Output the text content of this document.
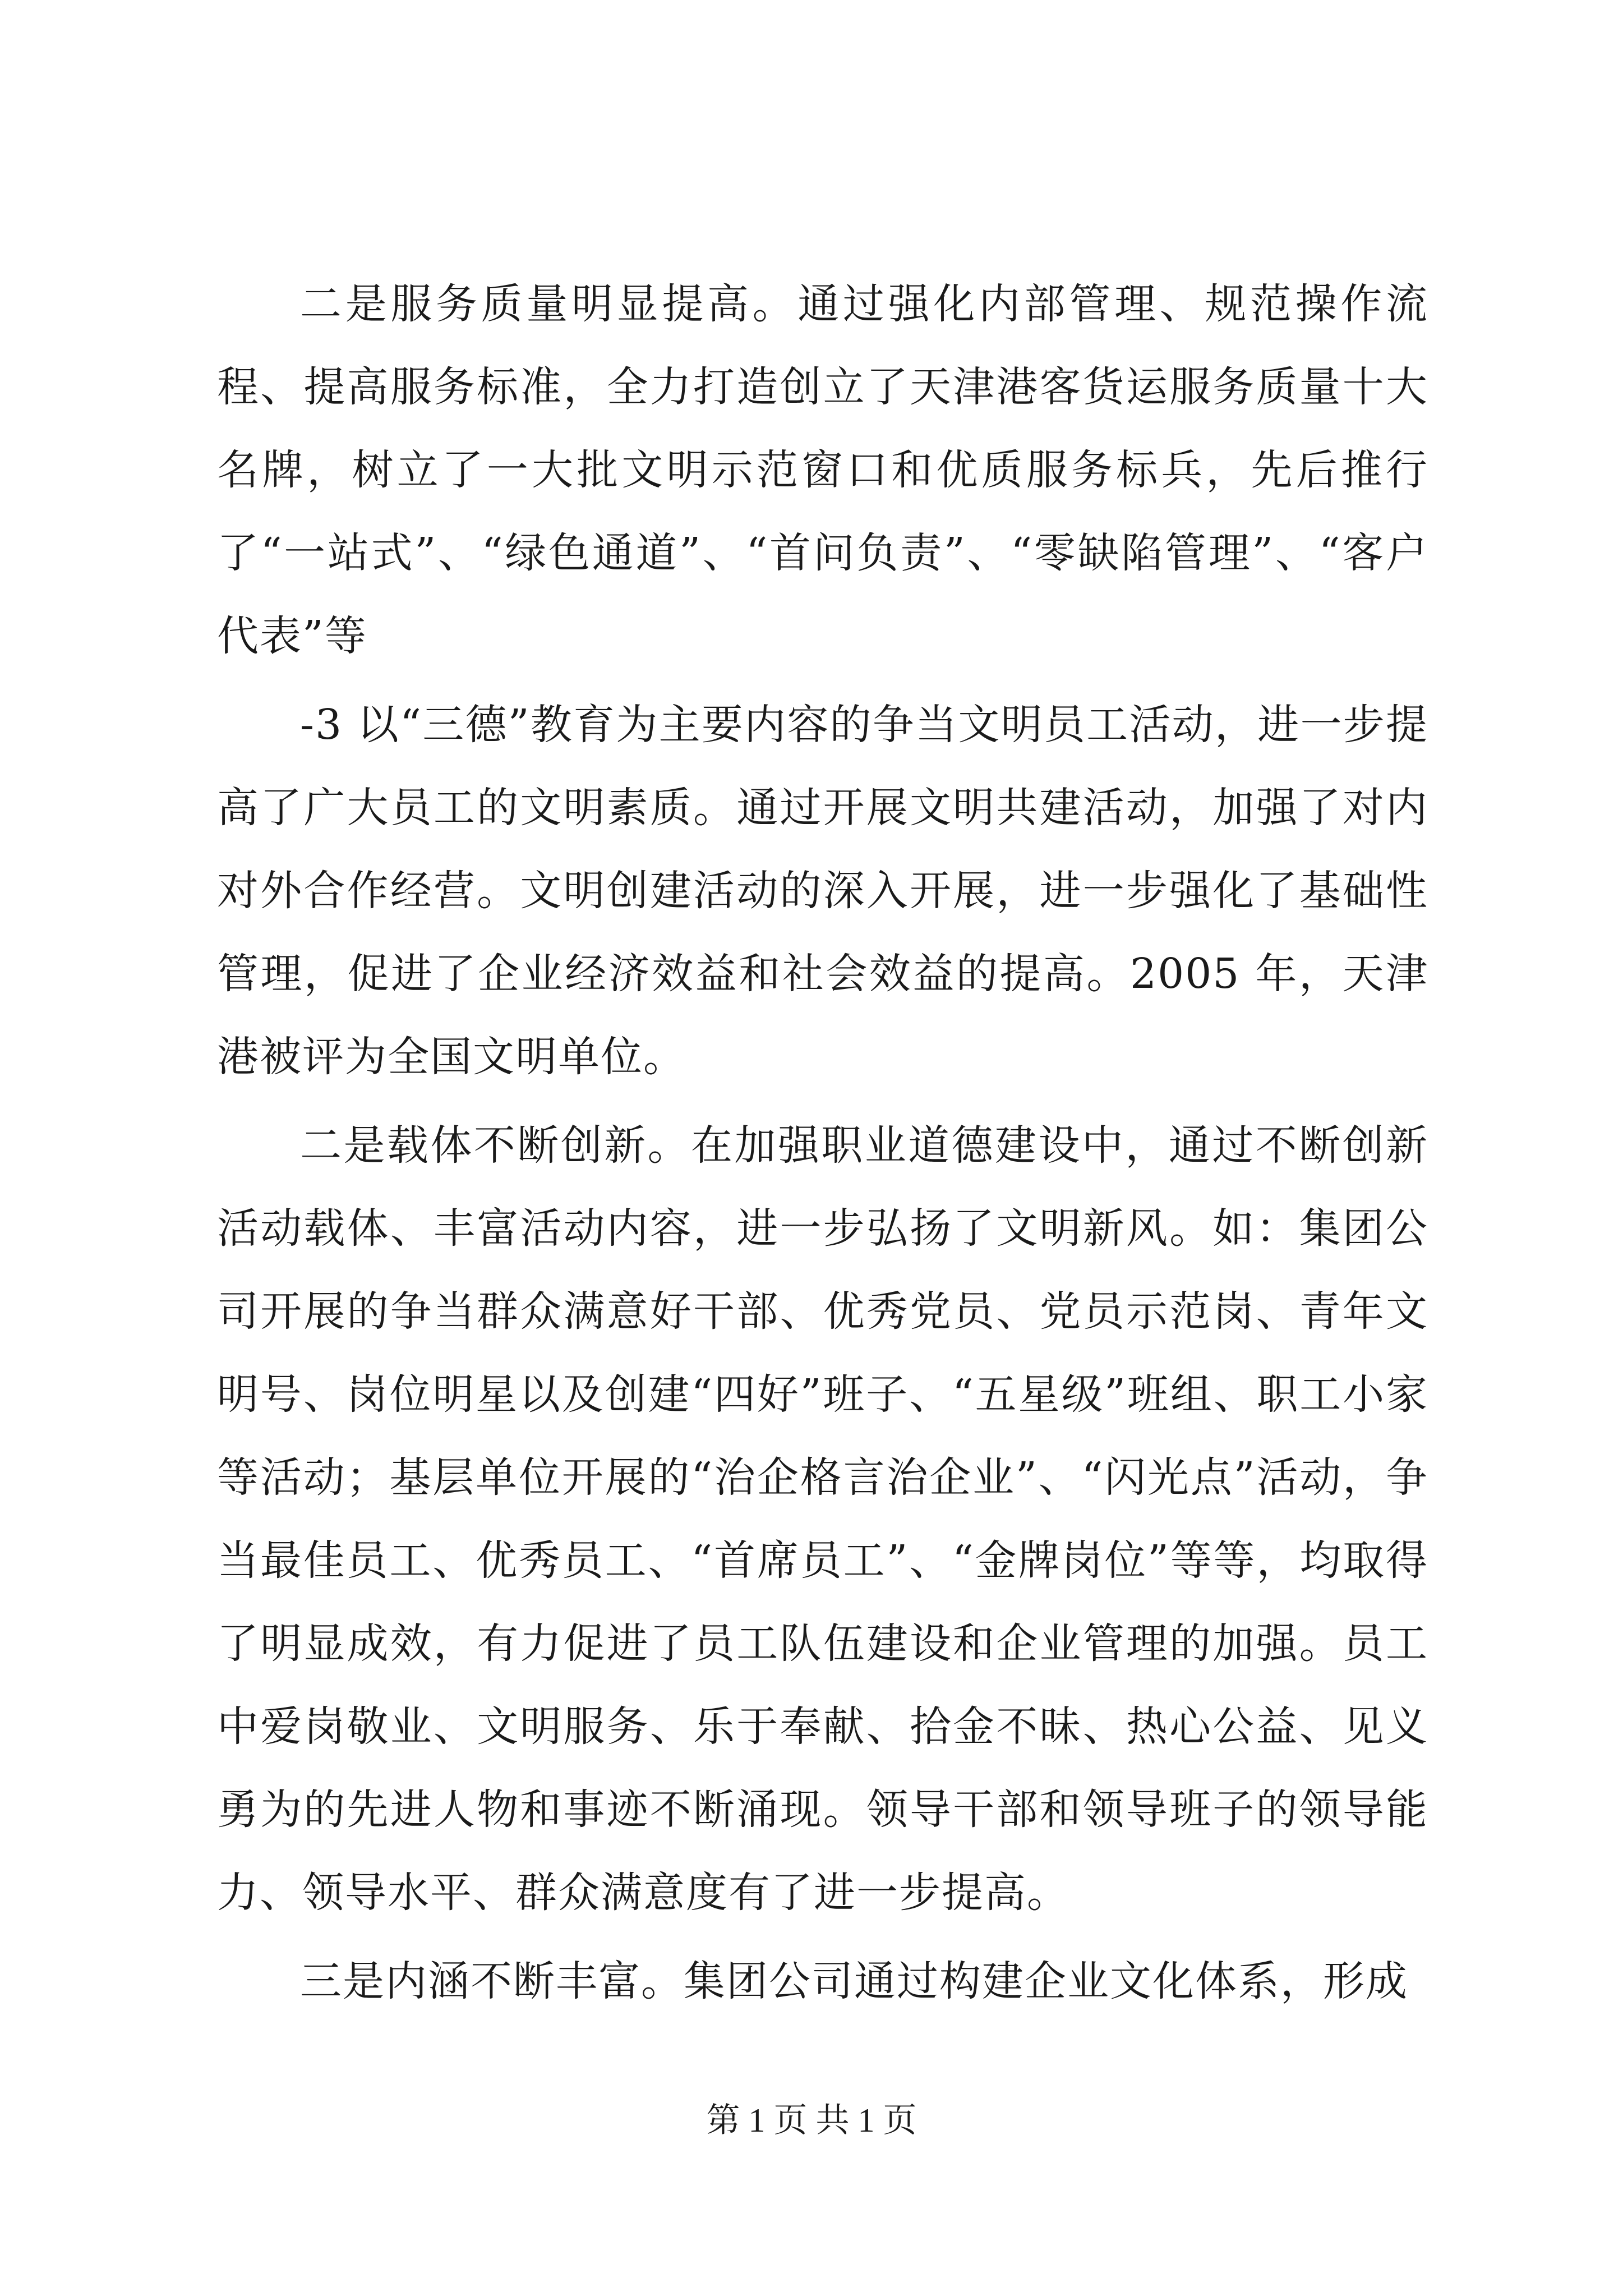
二是服务质量明显提高。通过强化内部管理、规范操作流程、提高服务标准，全力打造创立了天津港客货运服务质量十大名牌，树立了一大批文明示范窗口和优质服务标兵，先后推行了“一站式”、“绿色通道”、“首问负责”、“零缺陷管理”、“客户代表”等

-3 以“三德”教育为主要内容的争当文明员工活动，进一步提高了广大员工的文明素质。通过开展文明共建活动，加强了对内对外合作经营。文明创建活动的深入开展，进一步强化了基础性管理，促进了企业经济效益和社会效益的提高。2005 年，天津港被评为全国文明单位。

二是载体不断创新。在加强职业道德建设中，通过不断创新活动载体、丰富活动内容，进一步弘扬了文明新风。如：集团公司开展的争当群众满意好干部、优秀党员、党员示范岗、青年文明号、岗位明星以及创建“四好”班子、“五星级”班组、职工小家等活动；基层单位开展的“治企格言治企业”、“闪光点”活动，争当最佳员工、优秀员工、“首席员工”、“金牌岗位”等等，均取得了明显成效，有力促进了员工队伍建设和企业管理的加强。员工中爱岗敬业、文明服务、乐于奉献、拾金不昧、热心公益、见义勇为的先进人物和事迹不断涌现。领导干部和领导班子的领导能力、领导水平、群众满意度有了进一步提高。

三是内涵不断丰富。集团公司通过构建企业文化体系，形成

第 1 页 共 1 页
